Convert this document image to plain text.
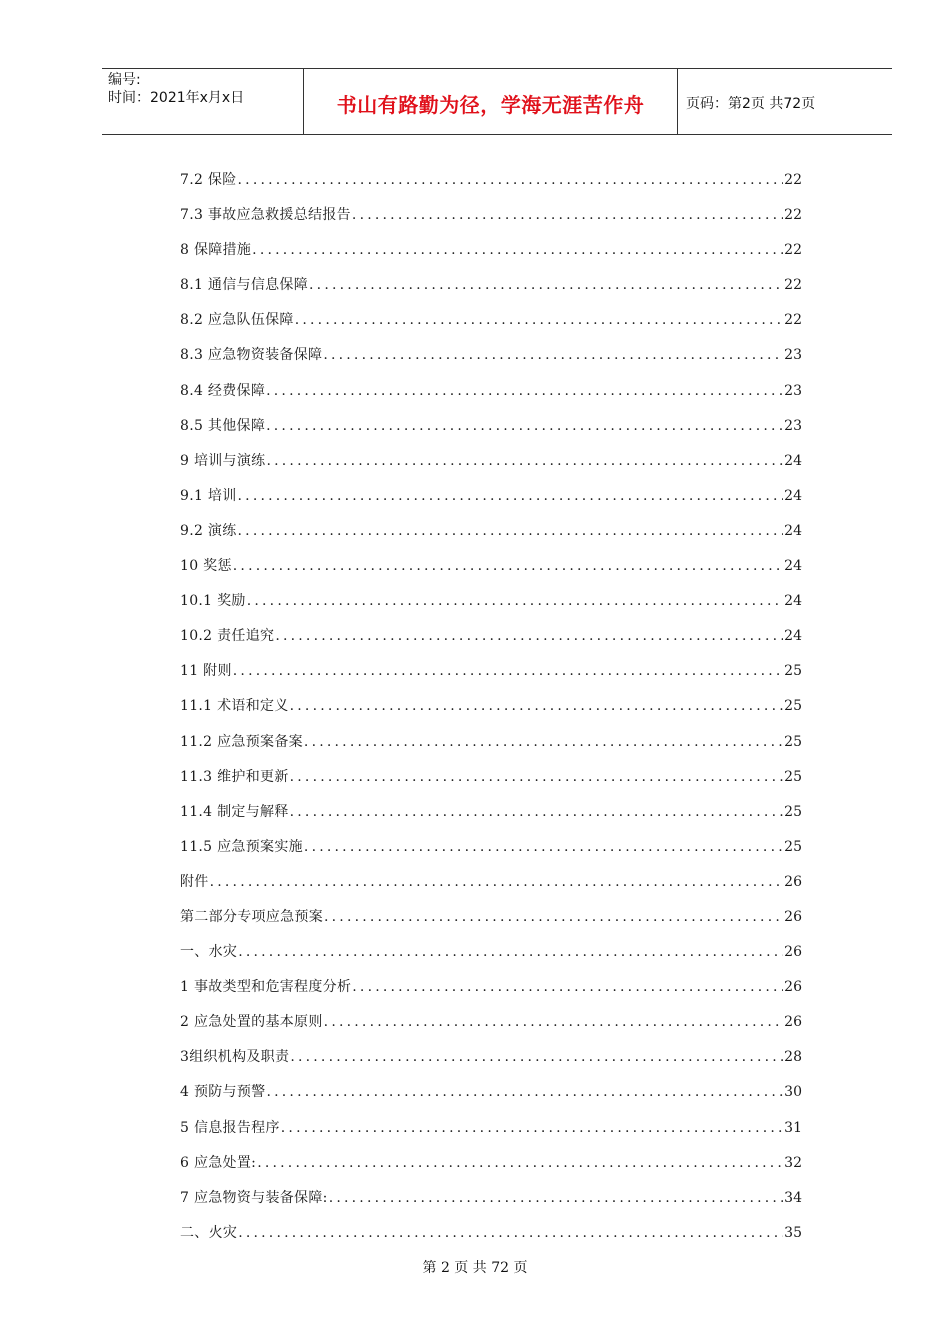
编号:
时间：2021年x月x日	书山有路勤为径，学海无涯苦作舟	页码：第2页 共72页
7.2 保险 .....	22
7.3 事故应急救援总结报告 .....	22
8 保障措施 .....	22
8.1 通信与信息保障 .....	22
8.2 应急队伍保障 .....	22
8.3 应急物资装备保障 .....	23
8.4 经费保障 .....	23
8.5 其他保障 .....	23
9 培训与演练 .....	24
9.1 培训 .....	24
9.2 演练 .....	24
10 奖惩 .....	24
10.1 奖励 .....	24
10.2 责任追究 .....	24
11 附则 .....	25
11.1 术语和定义 .....	25
11.2 应急预案备案 .....	25
11.3 维护和更新 .....	25
11.4 制定与解释 .....	25
11.5 应急预案实施 .....	25
附件 .....	26
第二部分专项应急预案 .....	26
一、水灾 .....	26
1 事故类型和危害程度分析 .....	26
2 应急处置的基本原则 .....	26
3组织机构及职责 .....	28
4 预防与预警 .....	30
5 信息报告程序 .....	31
6 应急处置: .....	32
7 应急物资与装备保障: .....	34
二、火灾 .....	35
第 2 页 共 72 页
